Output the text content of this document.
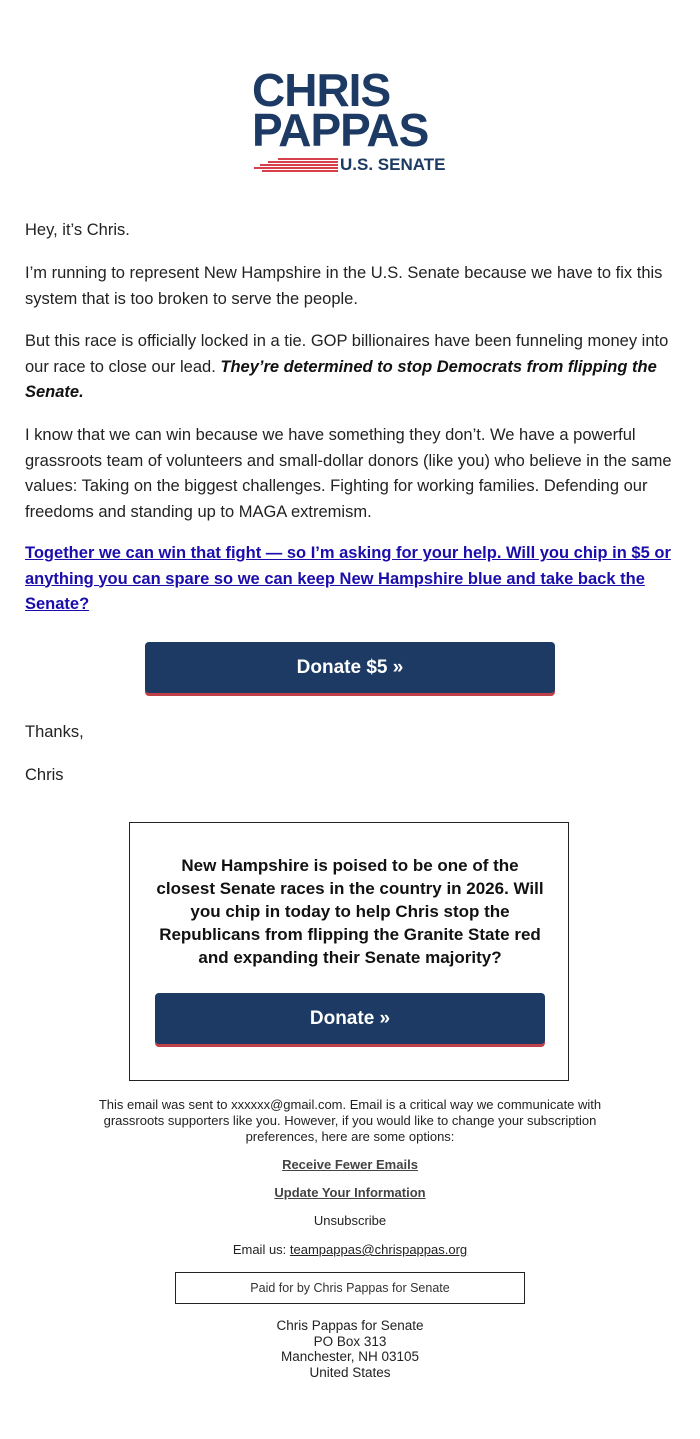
CHRIS
PAPPAS
U.S. SENATE

Hey, it’s Chris.

I’m running to represent New Hampshire in the U.S. Senate because we have to fix this system that is too broken to serve the people.

But this race is officially locked in a tie. GOP billionaires have been funneling money into our race to close our lead. They’re determined to stop Democrats from flipping the Senate.

I know that we can win because we have something they don’t. We have a powerful grassroots team of volunteers and small-dollar donors (like you) who believe in the same values: Taking on the biggest challenges. Fighting for working families. Defending our freedoms and standing up to MAGA extremism.

Together we can win that fight — so I’m asking for your help. Will you chip in $5 or anything you can spare so we can keep New Hampshire blue and take back the Senate?

Donate $5 »

Thanks,

Chris

New Hampshire is poised to be one of the closest Senate races in the country in 2026. Will you chip in today to help Chris stop the Republicans from flipping the Granite State red and expanding their Senate majority?

Donate »

This email was sent to xxxxxx@gmail.com. Email is a critical way we communicate with grassroots supporters like you. However, if you would like to change your subscription preferences, here are some options:

Receive Fewer Emails

Update Your Information

Unsubscribe

Email us: teampappas@chrispappas.org

Paid for by Chris Pappas for Senate
Chris Pappas for Senate
PO Box 313
Manchester, NH 03105
United States
